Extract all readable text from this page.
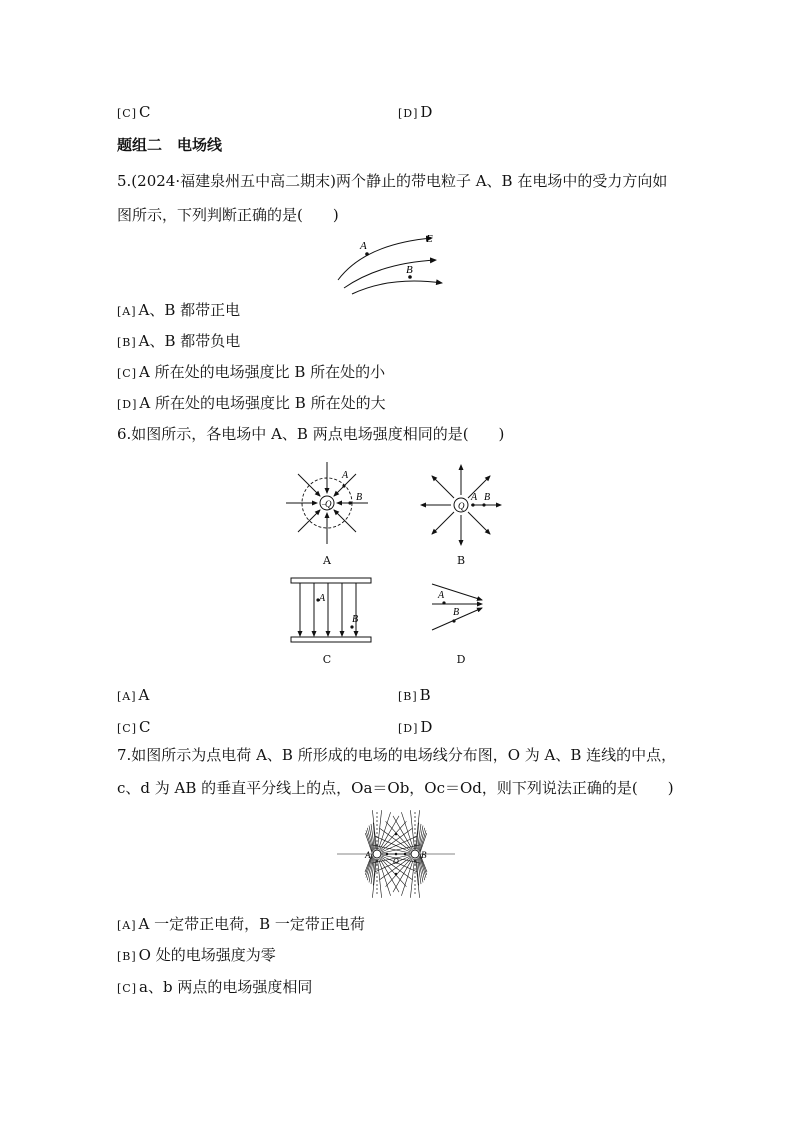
[C] C	[D] D
题组二　电场线
5.(2024·福建泉州五中高二期末)两个静止的带电粒子 A、B 在电场中的受力方向如
图所示，下列判断正确的是(　　)
A
B
E
[A] A、B 都带正电
[B] A、B 都带负电
[C] A 所在处的电场强度比 B 所在处的小
[D] A 所在处的电场强度比 B 所在处的大
6.如图所示，各电场中 A、B 两点电场强度相同的是(　　)
−
Q
A
B
A
Q
A B
B
A
B
C
A
B
D
[A] A	[B] B
[C] C	[D] D
7.如图所示为点电荷 A、B 所形成的电场的电场线分布图，O 为 A、B 连线的中点，
c、d 为 AB 的垂直平分线上的点，Oa＝Ob，Oc＝Od，则下列说法正确的是(　　)
A	B
O
[A] A 一定带正电荷，B 一定带正电荷
[B] O 处的电场强度为零
[C] a、b 两点的电场强度相同
